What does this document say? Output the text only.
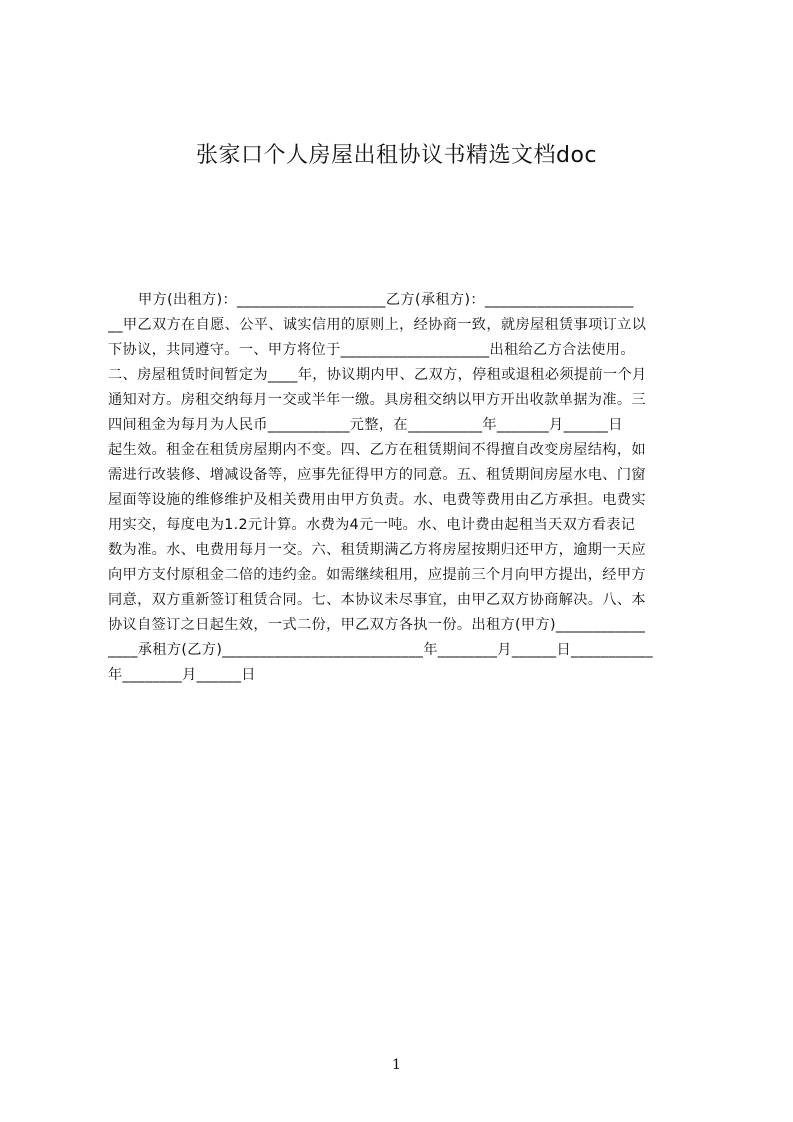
张家口个人房屋出租协议书精选文档doc
甲方(出租方)：____________________乙方(承租方)：____________________
__甲乙双方在自愿、公平、诚实信用的原则上，经协商一致，就房屋租赁事项订立以
下协议，共同遵守。一、甲方将位于____________________出租给乙方合法使用。
二、房屋租赁时间暂定为____年，协议期内甲、乙双方，停租或退租必须提前一个月
通知对方。房租交纳每月一交或半年一缴。具房租交纳以甲方开出收款单据为准。三
四间租金为每月为人民币___________元整，在__________年_______月______日
起生效。租金在租赁房屋期内不变。四、乙方在租赁期间不得擅自改变房屋结构，如
需进行改装修、增减设备等，应事先征得甲方的同意。五、租赁期间房屋水电、门窗
屋面等设施的维修维护及相关费用由甲方负责。水、电费等费用由乙方承担。电费实
用实交，每度电为1.2元计算。水费为4元一吨。水、电计费由起租当天双方看表记
数为准。水、电费用每月一交。六、租赁期满乙方将房屋按期归还甲方，逾期一天应
向甲方支付原租金二倍的违约金。如需继续租用，应提前三个月向甲方提出，经甲方
同意，双方重新签订租赁合同。七、本协议未尽事宜，由甲乙双方协商解决。八、本
协议自签订之日起生效，一式二份，甲乙双方各执一份。出租方(甲方)____________
____承租方(乙方)___________________________年________月______日___________
年________月______日
1
